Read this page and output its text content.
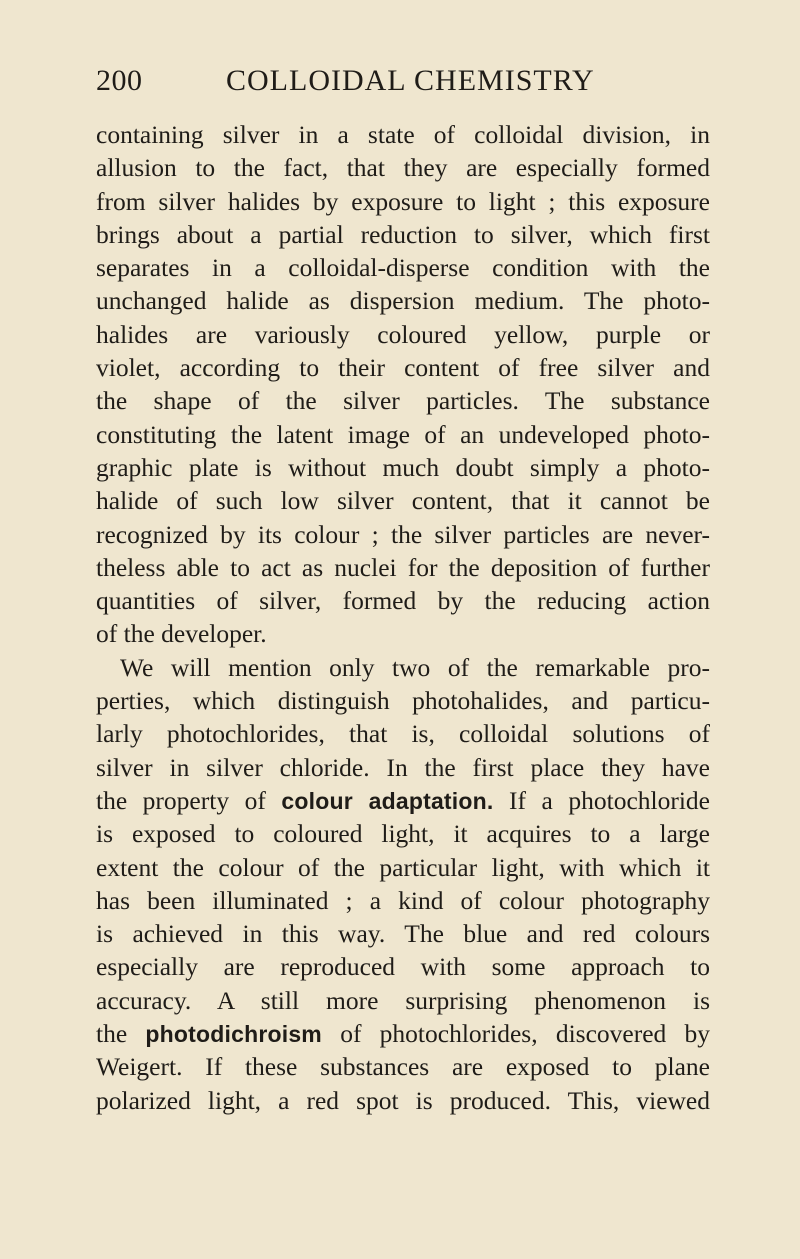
200	COLLOIDAL CHEMISTRY
containing silver in a state of colloidal division, in
allusion to the fact, that they are especially formed
from silver halides by exposure to light ; this exposure
brings about a partial reduction to silver, which first
separates in a colloidal-disperse condition with the
unchanged halide as dispersion medium. The photo-
halides are variously coloured yellow, purple or
violet, according to their content of free silver and
the shape of the silver particles. The substance
constituting the latent image of an undeveloped photo-
graphic plate is without much doubt simply a photo-
halide of such low silver content, that it cannot be
recognized by its colour ; the silver particles are never-
theless able to act as nuclei for the deposition of further
quantities of silver, formed by the reducing action
of the developer.
We will mention only two of the remarkable pro-
perties, which distinguish photohalides, and particu-
larly photochlorides, that is, colloidal solutions of
silver in silver chloride. In the first place they have
the property of colour adaptation. If a photochloride
is exposed to coloured light, it acquires to a large
extent the colour of the particular light, with which it
has been illuminated ; a kind of colour photography
is achieved in this way. The blue and red colours
especially are reproduced with some approach to
accuracy. A still more surprising phenomenon is
the photodichroism of photochlorides, discovered by
Weigert. If these substances are exposed to plane
polarized light, a red spot is produced. This, viewed
